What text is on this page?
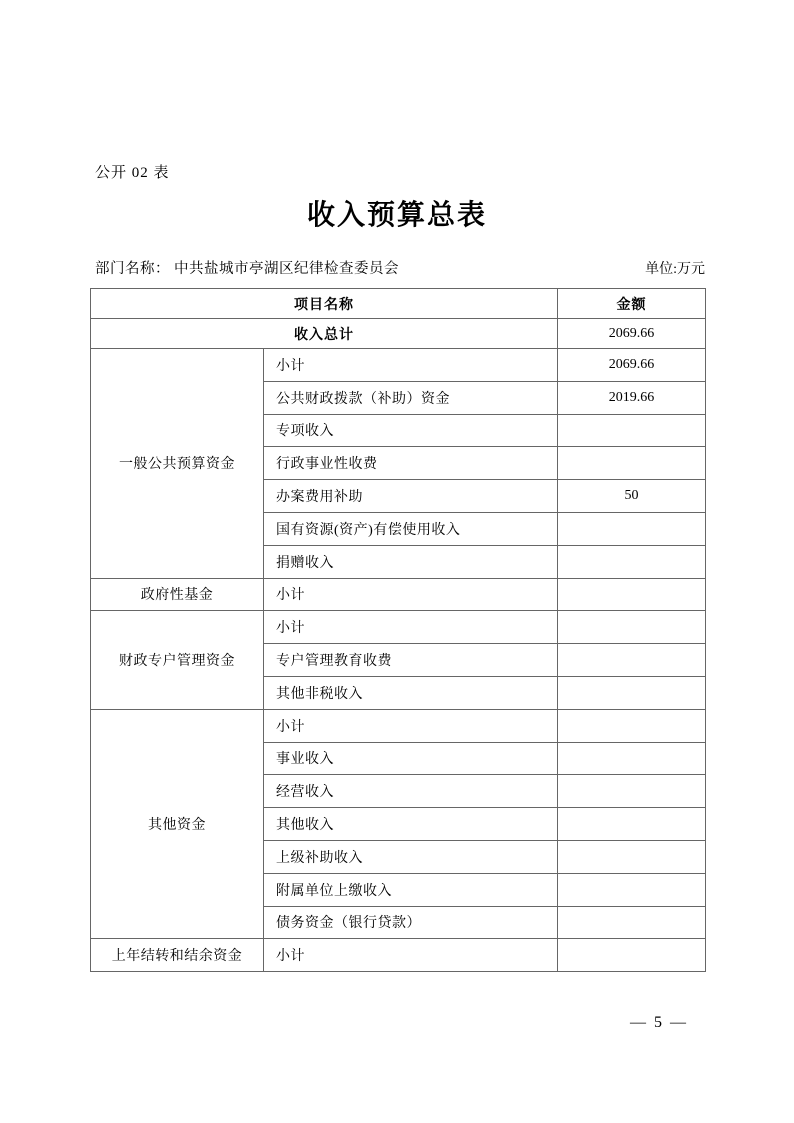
公开 02 表
收入预算总表
部门名称： 中共盐城市亭湖区纪律检查委员会	单位:万元
项目名称		金额
收入总计		2069.66
一般公共预算资金	小计	2069.66
	公共财政拨款（补助）资金	2019.66
	专项收入	
	行政事业性收费	
	办案费用补助	50
	国有资源(资产)有偿使用收入	
	捐赠收入	
政府性基金	小计	
财政专户管理资金	小计	
	专户管理教育收费	
	其他非税收入	
其他资金	小计	
	事业收入	
	经营收入	
	其他收入	
	上级补助收入	
	附属单位上缴收入	
	债务资金（银行贷款）	
上年结转和结余资金	小计	
— 5 —
